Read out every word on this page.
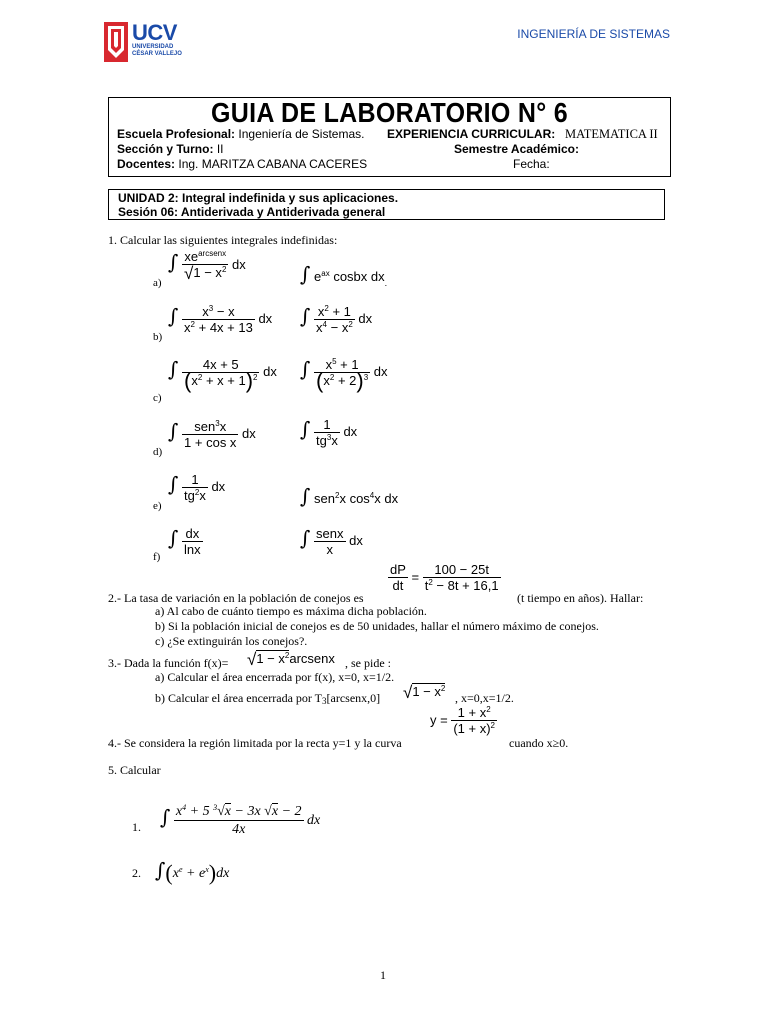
UCV
UNIVERSIDAD
CÉSAR VALLEJO
INGENIERÍA DE SISTEMAS
GUIA DE LABORATORIO N° 6
Escuela Profesional: Ingeniería de Sistemas. EXPERIENCIA CURRICULAR: MATEMATICA II
Sección y Turno: II	Semestre Académico:
Docentes: Ing. MARITZA CABANA CACERES	Fecha:
UNIDAD 2: Integral indefinida y sus aplicaciones.
Sesión 06: Antiderivada y Antiderivada general
1. Calcular las siguientes integrales indefinidas:
a)
∫ $\frac{xe^{arcsenx}}{√1 - x^2}$ dx	∫ $e^{ax}$ cosbx $dx_.$
b)
∫ $\frac{x^3 - x}{x^2 + 4x + 13}$ dx ∫ $\frac{x^2 + 1}{x^4 - x^2}$ dx
c)
∫ $\frac{4x + 5}{(x^2 + x + 1)^2}$ dx ∫ $\frac{x^5 + 1}{(x^2 + 2)^3}$ dx
d)
∫ $\frac{sen^3x}{\text{1 + cos x}}$ dx ∫ $\frac{1}{tg^3x}$ dx
e)
∫ $\frac{1}{tg^2x}$ dx	∫ sen$^2$x $\cos^4x$ dx
f)
∫ $\frac{dx}{\ln x}$	∫ $\frac{\text{senx}}{x}$ dx
2.- La tasa de variación en la población de conejos es
$\frac{dP}{dt} = \frac{100 - 25t}{t^2 - 8t + 16,1}$
(t tiempo en años). Hallar:
a) Al cabo de cuánto tiempo es máxima dicha población.
b) Si la población inicial de conejos es de 50 unidades, hallar el número máximo de conejos.
c) ¿Se extinguirán los conejos?.
3.- Dada la función $f(x)= √1 - x^2arcsenx$ , se pide :
a) Calcular el área encerrada por f(x), x=0, x=1/2.
b) Calcular el área encerrada por $T_3[arcsenx,0] √1 - x^2$
, x=0,x=1/2.
4.- Se considera la región limitada por la recta y=1 y la curva
$y = \frac{1 + x^2}{(1 + x)^2}$
cuando x≥0.
5. Calcular
1. ∫ $\frac{x^4 + 5 ^3√x - 3x √x - 2}{4x}$ dx
2. $\int(x^e + e^x)dx$
1
